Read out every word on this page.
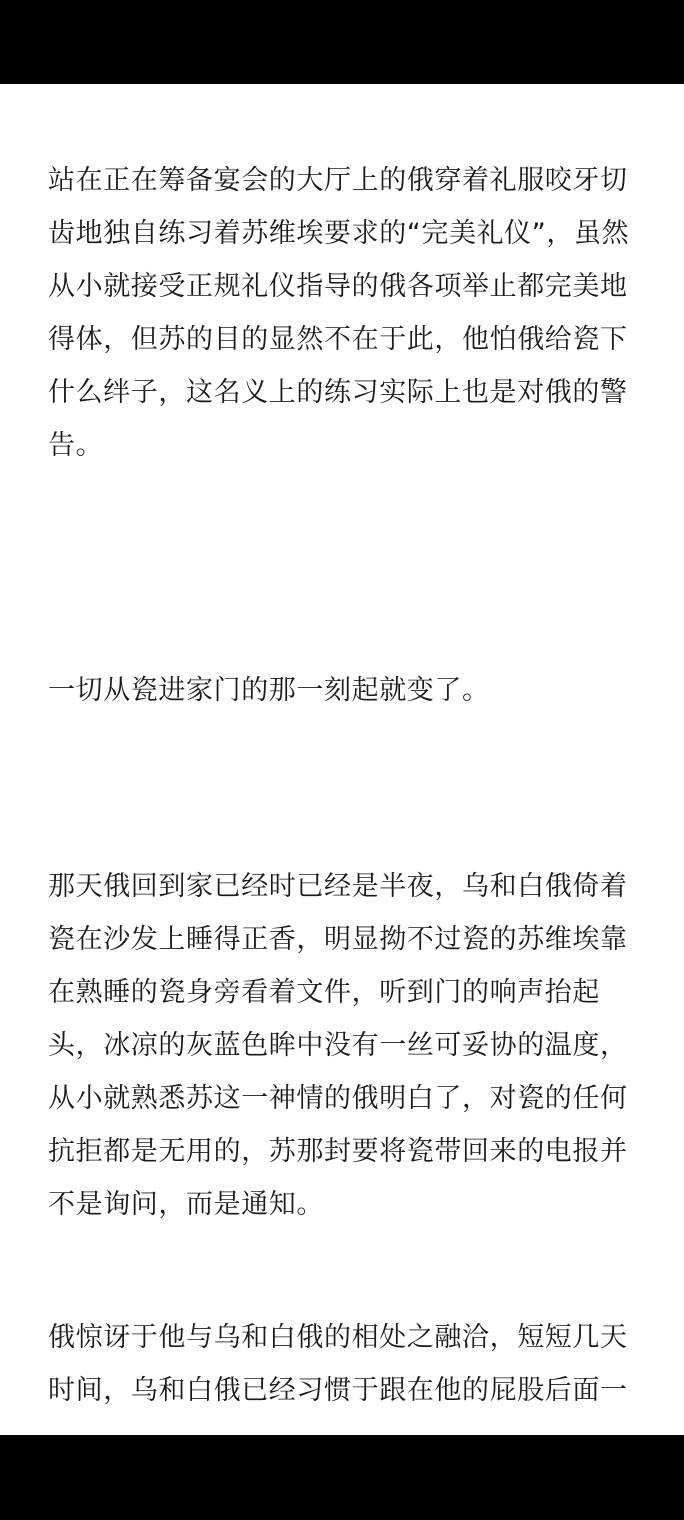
站在正在筹备宴会的大厅上的俄穿着礼服咬牙切齿地独自练习着苏维埃要求的“完美礼仪”，虽然从小就接受正规礼仪指导的俄各项举止都完美地得体，但苏的目的显然不在于此，他怕俄给瓷下什么绊子，这名义上的练习实际上也是对俄的警告。

一切从瓷进家门的那一刻起就变了。

那天俄回到家已经时已经是半夜，乌和白俄倚着瓷在沙发上睡得正香，明显拗不过瓷的苏维埃靠在熟睡的瓷身旁看着文件，听到门的响声抬起头，冰凉的灰蓝色眸中没有一丝可妥协的温度，从小就熟悉苏这一神情的俄明白了，对瓷的任何抗拒都是无用的，苏那封要将瓷带回来的电报并不是询问，而是通知。

俄惊讶于他与乌和白俄的相处之融洽，短短几天时间，乌和白俄已经习惯于跟在他的屁股后面一
